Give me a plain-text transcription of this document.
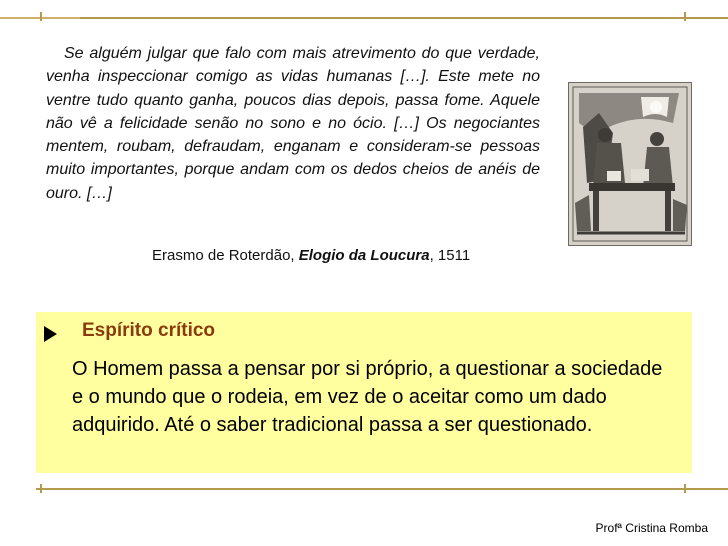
Se alguém julgar que falo com mais atrevimento do que verdade, venha inspeccionar comigo as vidas humanas […]. Este mete no ventre tudo quanto ganha, poucos dias depois, passa fome. Aquele não vê a felicidade senão no sono e no ócio. […] Os negociantes mentem, roubam, defraudam, enganam e consideram-se pessoas muito importantes, porque andam com os dedos cheios de anéis de ouro. […]

Erasmo de Roterdão, Elogio da Loucura, 1511
Espírito crítico

O Homem passa a pensar por si próprio, a questionar a sociedade e o mundo que o rodeia, em vez de o aceitar como um dado adquirido. Até o saber tradicional passa a ser questionado.

Profª Cristina Romba
